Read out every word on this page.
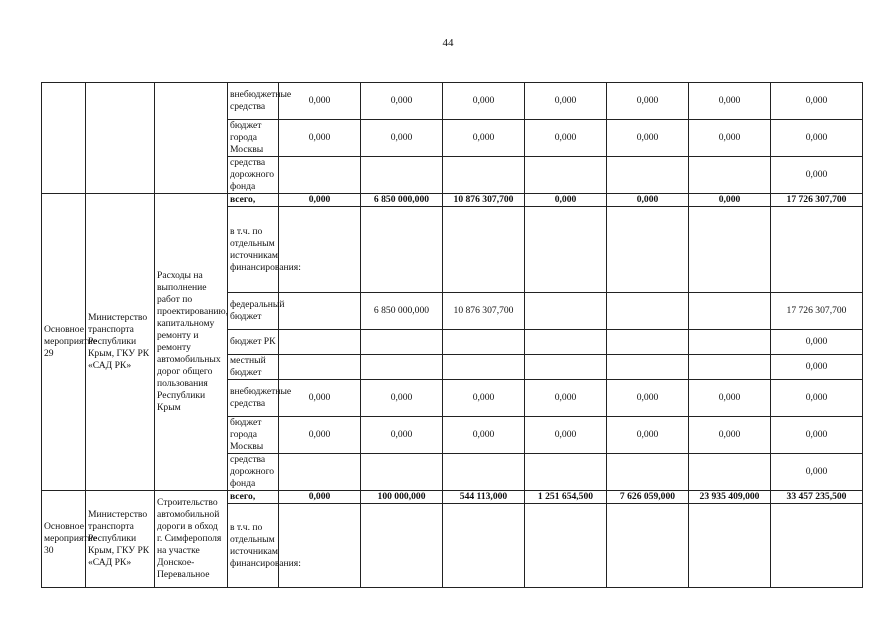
44
			внебюджетные средства	0,000	0,000	0,000	0,000	0,000	0,000	0,000
			бюджет города Москвы	0,000	0,000	0,000	0,000	0,000	0,000	0,000
			средства дорожного фонда							0,000
Основное мероприятие 29	Министерство транспорта Республики Крым, ГКУ РК «САД РК»	Расходы на выполнение работ по проектированию, капитальному ремонту и ремонту автомобильных дорог общего пользования Республики Крым	всего,	0,000	6 850 000,000	10 876 307,700	0,000	0,000	0,000	17 726 307,700
			в т.ч. по отдельным источникам финансирования:							
			федеральный бюджет		6 850 000,000	10 876 307,700				17 726 307,700
			бюджет РК							0,000
			местный бюджет							0,000
			внебюджетные средства	0,000	0,000	0,000	0,000	0,000	0,000	0,000
			бюджет города Москвы	0,000	0,000	0,000	0,000	0,000	0,000	0,000
			средства дорожного фонда							0,000
Основное мероприятие 30	Министерство транспорта Республики Крым, ГКУ РК «САД РК»	Строительство автомобильной дороги в обход г. Симферополя на участке Донское-Перевальное	всего,	0,000	100 000,000	544 113,000	1 251 654,500	7 626 059,000	23 935 409,000	33 457 235,500
			в т.ч. по отдельным источникам финансирования:							
